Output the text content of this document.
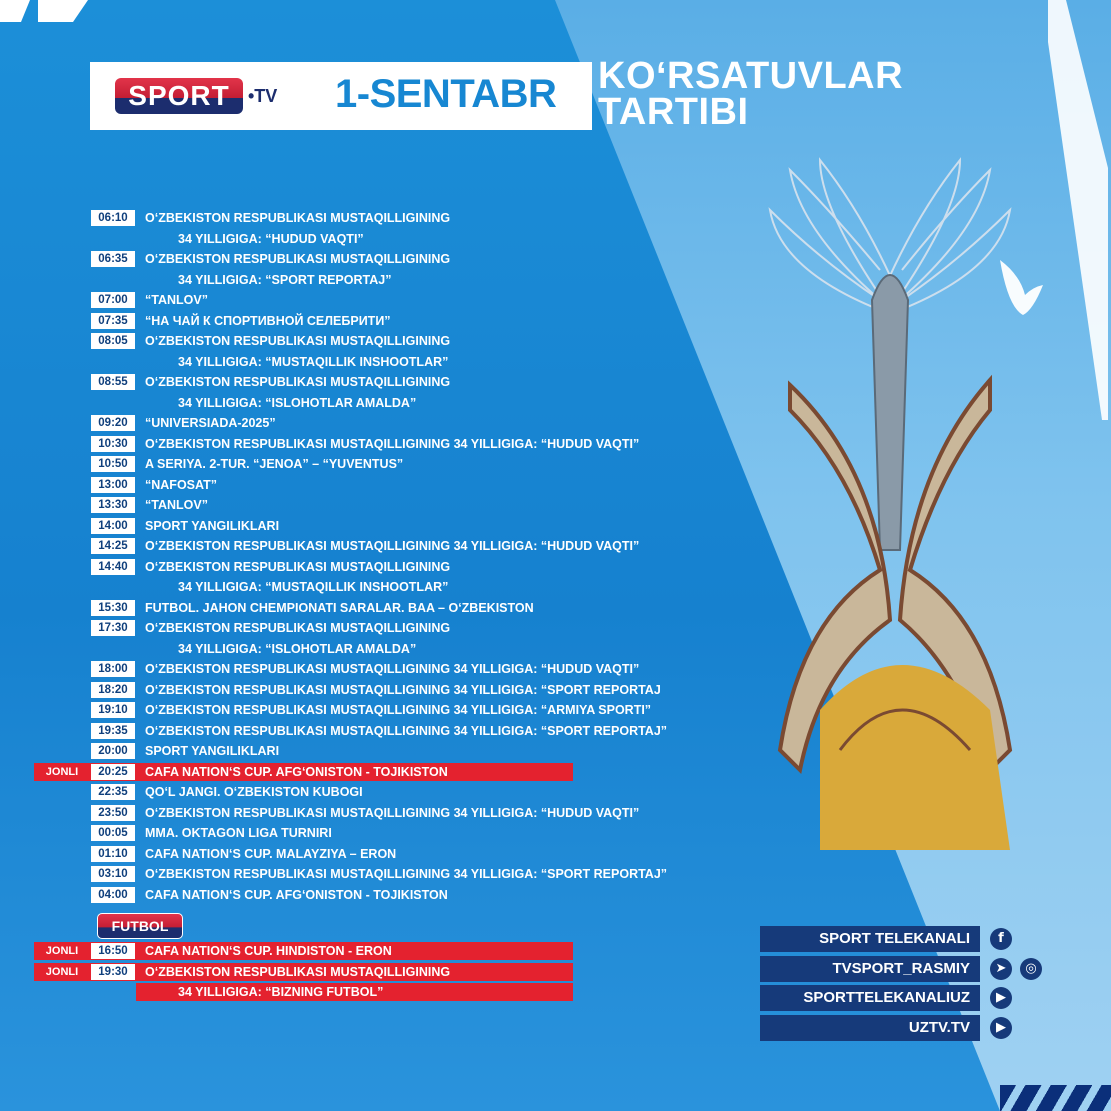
SPORT	•TV 1-SENTABR KO‘RSATUVLAR
TARTIBI
06:10	O‘ZBEKISTON RESPUBLIKASI MUSTAQILLIGINING
34 YILLIGIGA: “HUDUD VAQTI”
06:35	O‘ZBEKISTON RESPUBLIKASI MUSTAQILLIGINING
34 YILLIGIGA: “SPORT REPORTAJ”
07:00	“TANLOV”
07:35	“НА ЧАЙ К СПОРТИВНОЙ СЕЛЕБРИТИ”
08:05	O‘ZBEKISTON RESPUBLIKASI MUSTAQILLIGINING
34 YILLIGIGA: “MUSTAQILLIK INSHOOTLAR”
08:55	O‘ZBEKISTON RESPUBLIKASI MUSTAQILLIGINING
34 YILLIGIGA: “ISLOHOTLAR AMALDA”
09:20	“UNIVERSIADA-2025”
10:30	O‘ZBEKISTON RESPUBLIKASI MUSTAQILLIGINING 34 YILLIGIGA: “HUDUD VAQTI”
10:50	A SERIYA. 2-TUR. “JENOA” – “YUVENTUS”
13:00	“NAFOSAT”
13:30	“TANLOV”
14:00	SPORT YANGILIKLARI
14:25	O‘ZBEKISTON RESPUBLIKASI MUSTAQILLIGINING 34 YILLIGIGA: “HUDUD VAQTI”
14:40	O‘ZBEKISTON RESPUBLIKASI MUSTAQILLIGINING
34 YILLIGIGA: “MUSTAQILLIK INSHOOTLAR”
15:30	FUTBOL. JAHON CHEMPIONATI SARALAR. BAA – O‘ZBEKISTON
17:30	O‘ZBEKISTON RESPUBLIKASI MUSTAQILLIGINING
34 YILLIGIGA: “ISLOHOTLAR AMALDA”
18:00	O‘ZBEKISTON RESPUBLIKASI MUSTAQILLIGINING 34 YILLIGIGA: “HUDUD VAQTI”
18:20	O‘ZBEKISTON RESPUBLIKASI MUSTAQILLIGINING 34 YILLIGIGA: “SPORT REPORTAJ
19:10	O‘ZBEKISTON RESPUBLIKASI MUSTAQILLIGINING 34 YILLIGIGA: “ARMIYA SPORTI”
19:35	O‘ZBEKISTON RESPUBLIKASI MUSTAQILLIGINING 34 YILLIGIGA: “SPORT REPORTAJ”
20:00	SPORT YANGILIKLARI
JONLI	20:25	CAFA NATION‘S CUP. AFG‘ONISTON - TOJIKISTON
22:35	QO‘L JANGI. O‘ZBEKISTON KUBOGI
23:50	O‘ZBEKISTON RESPUBLIKASI MUSTAQILLIGINING 34 YILLIGIGA: “HUDUD VAQTI”
00:05	MMA. OKTAGON LIGA TURNIRI
01:10	CAFA NATION‘S CUP. MALAYZIYA – ERON
03:10	O‘ZBEKISTON RESPUBLIKASI MUSTAQILLIGINING 34 YILLIGIGA: “SPORT REPORTAJ”
04:00	CAFA NATION‘S CUP. AFG‘ONISTON - TOJIKISTON
FUTBOL
JONLI	16:50	CAFA NATION‘S CUP. HINDISTON - ERON
JONLI	19:30	O‘ZBEKISTON RESPUBLIKASI MUSTAQILLIGINING
34 YILLIGIGA: “BIZNING FUTBOL”
SPORT TELEKANALI	f
TVSPORT_RASMIY	➤	◎
SPORTTELEKANALIUZ	▶
UZTV.TV	▶
